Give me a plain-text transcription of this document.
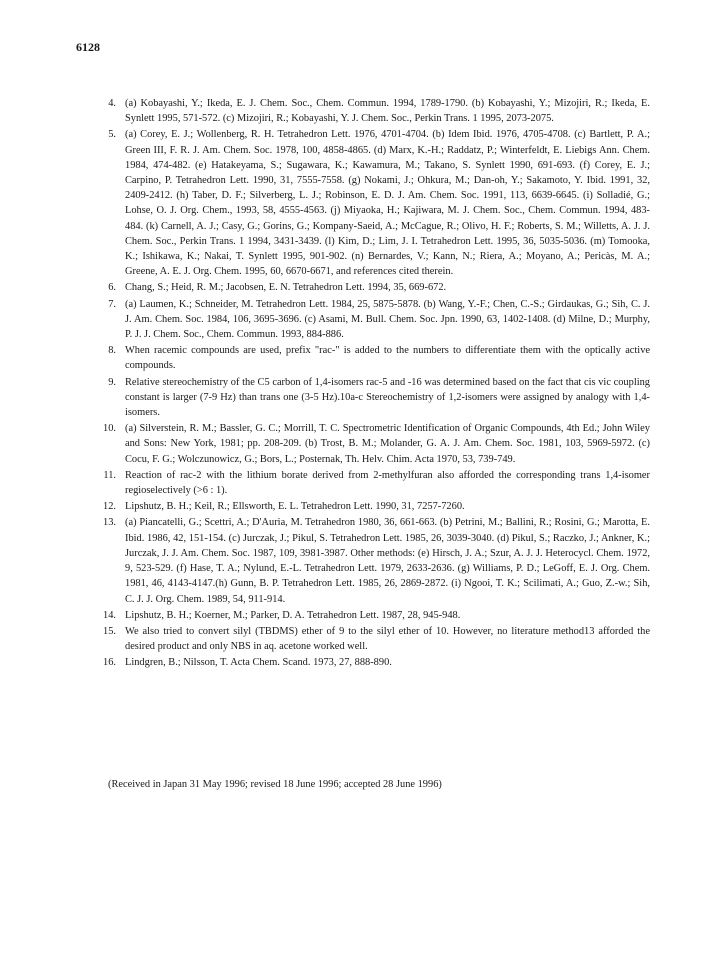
6128
4. (a) Kobayashi, Y.; Ikeda, E. J. Chem. Soc., Chem. Commun. 1994, 1789-1790. (b) Kobayashi, Y.; Mizojiri, R.; Ikeda, E. Synlett 1995, 571-572. (c) Mizojiri, R.; Kobayashi, Y. J. Chem. Soc., Perkin Trans. 1 1995, 2073-2075.
5. (a) Corey, E. J.; Wollenberg, R. H. Tetrahedron Lett. 1976, 4701-4704. (b) Idem Ibid. 1976, 4705-4708. (c) Bartlett, P. A.; Green III, F. R. J. Am. Chem. Soc. 1978, 100, 4858-4865. (d) Marx, K.-H.; Raddatz, P.; Winterfeldt, E. Liebigs Ann. Chem. 1984, 474-482. (e) Hatakeyama, S.; Sugawara, K.; Kawamura, M.; Takano, S. Synlett 1990, 691-693. (f) Corey, E. J.; Carpino, P. Tetrahedron Lett. 1990, 31, 7555-7558. (g) Nokami, J.; Ohkura, M.; Dan-oh, Y.; Sakamoto, Y. Ibid. 1991, 32, 2409-2412. (h) Taber, D. F.; Silverberg, L. J.; Robinson, E. D. J. Am. Chem. Soc. 1991, 113, 6639-6645. (i) Solladié, G.; Lohse, O. J. Org. Chem., 1993, 58, 4555-4563. (j) Miyaoka, H.; Kajiwara, M. J. Chem. Soc., Chem. Commun. 1994, 483-484. (k) Carnell, A. J.; Casy, G.; Gorins, G.; Kompany-Saeid, A.; McCague, R.; Olivo, H. F.; Roberts, S. M.; Willetts, A. J. J. Chem. Soc., Perkin Trans. 1 1994, 3431-3439. (l) Kim, D.; Lim, J. I. Tetrahedron Lett. 1995, 36, 5035-5036. (m) Tomooka, K.; Ishikawa, K.; Nakai, T. Synlett 1995, 901-902. (n) Bernardes, V.; Kann, N.; Riera, A.; Moyano, A.; Pericàs, M. A.; Greene, A. E. J. Org. Chem. 1995, 60, 6670-6671, and references cited therein.
6. Chang, S.; Heid, R. M.; Jacobsen, E. N. Tetrahedron Lett. 1994, 35, 669-672.
7. (a) Laumen, K.; Schneider, M. Tetrahedron Lett. 1984, 25, 5875-5878. (b) Wang, Y.-F.; Chen, C.-S.; Girdaukas, G.; Sih, C. J. J. Am. Chem. Soc. 1984, 106, 3695-3696. (c) Asami, M. Bull. Chem. Soc. Jpn. 1990, 63, 1402-1408. (d) Milne, D.; Murphy, P. J. J. Chem. Soc., Chem. Commun. 1993, 884-886.
8. When racemic compounds are used, prefix "rac-" is added to the numbers to differentiate them with the optically active compounds.
9. Relative stereochemistry of the C5 carbon of 1,4-isomers rac-5 and -16 was determined based on the fact that cis vic coupling constant is larger (7-9 Hz) than trans one (3-5 Hz).10a-c Stereochemistry of 1,2-isomers were assigned by analogy with 1,4-isomers.
10. (a) Silverstein, R. M.; Bassler, G. C.; Morrill, T. C. Spectrometric Identification of Organic Compounds, 4th Ed.; John Wiley and Sons: New York, 1981; pp. 208-209. (b) Trost, B. M.; Molander, G. A. J. Am. Chem. Soc. 1981, 103, 5969-5972. (c) Cocu, F. G.; Wolczunowicz, G.; Bors, L.; Posternak, Th. Helv. Chim. Acta 1970, 53, 739-749.
11. Reaction of rac-2 with the lithium borate derived from 2-methylfuran also afforded the corresponding trans 1,4-isomer regioselectively (>6 : 1).
12. Lipshutz, B. H.; Keil, R.; Ellsworth, E. L. Tetrahedron Lett. 1990, 31, 7257-7260.
13. (a) Piancatelli, G.; Scettri, A.; D'Auria, M. Tetrahedron 1980, 36, 661-663. (b) Petrini, M.; Ballini, R.; Rosini, G.; Marotta, E. Ibid. 1986, 42, 151-154. (c) Jurczak, J.; Pikul, S. Tetrahedron Lett. 1985, 26, 3039-3040. (d) Pikul, S.; Raczko, J.; Ankner, K.; Jurczak, J. J. Am. Chem. Soc. 1987, 109, 3981-3987. Other methods: (e) Hirsch, J. A.; Szur, A. J. J. Heterocycl. Chem. 1972, 9, 523-529. (f) Hase, T. A.; Nylund, E.-L. Tetrahedron Lett. 1979, 2633-2636. (g) Williams, P. D.; LeGoff, E. J. Org. Chem. 1981, 46, 4143-4147.(h) Gunn, B. P. Tetrahedron Lett. 1985, 26, 2869-2872. (i) Ngooi, T. K.; Scilimati, A.; Guo, Z.-w.; Sih, C. J. J. Org. Chem. 1989, 54, 911-914.
14. Lipshutz, B. H.; Koerner, M.; Parker, D. A. Tetrahedron Lett. 1987, 28, 945-948.
15. We also tried to convert silyl (TBDMS) ether of 9 to the silyl ether of 10. However, no literature method13 afforded the desired product and only NBS in aq. acetone worked well.
16. Lindgren, B.; Nilsson, T. Acta Chem. Scand. 1973, 27, 888-890.
(Received in Japan 31 May 1996; revised 18 June 1996; accepted 28 June 1996)
